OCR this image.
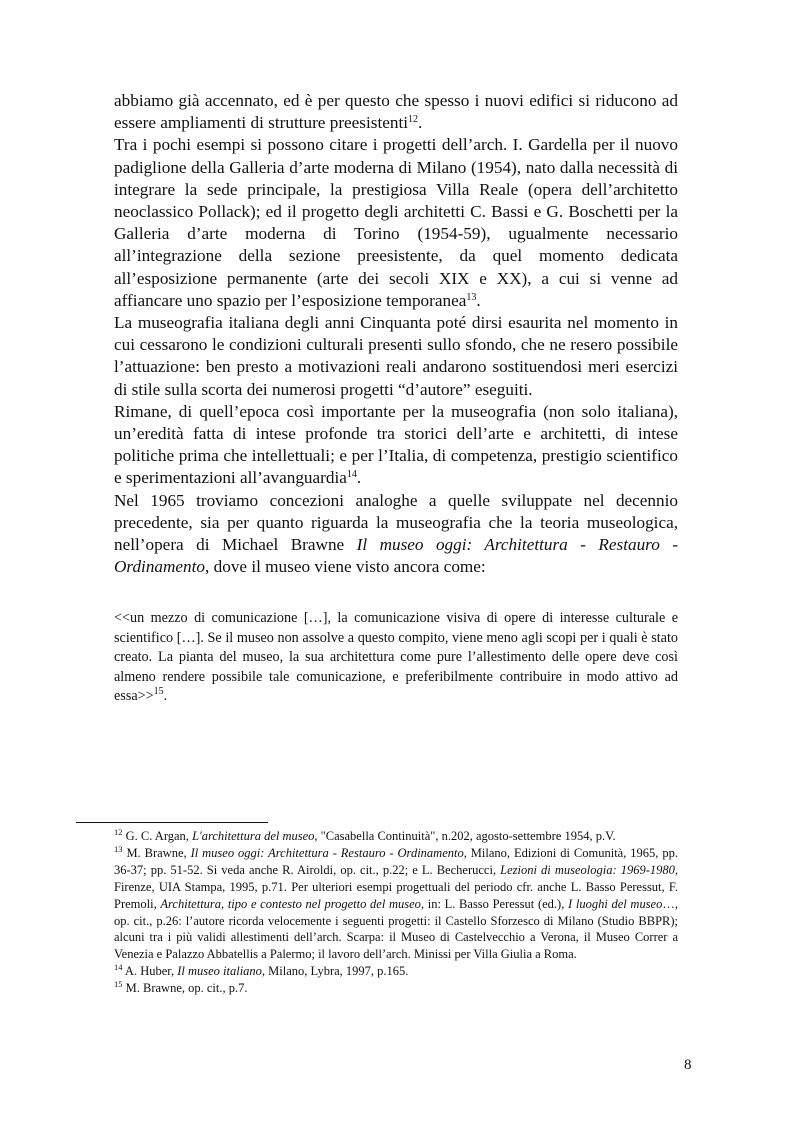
abbiamo già accennato, ed è per questo che spesso i nuovi edifici si riducono ad essere ampliamenti di strutture preesistenti$^{12}$.

Tra i pochi esempi si possono citare i progetti dell’arch. I. Gardella per il nuovo padiglione della Galleria d’arte moderna di Milano (1954), nato dalla necessità di integrare la sede principale, la prestigiosa Villa Reale (opera dell’architetto neoclassico Pollack); ed il progetto degli architetti C. Bassi e G. Boschetti per la Galleria d’arte moderna di Torino (1954-59), ugualmente necessario all’integrazione della sezione preesistente, da quel momento dedicata all’esposizione permanente (arte dei secoli XIX e XX), a cui si venne ad affiancare uno spazio per l’esposizione temporanea$^{13}$.

La museografia italiana degli anni Cinquanta poté dirsi esaurita nel momento in cui cessarono le condizioni culturali presenti sullo sfondo, che ne resero possibile l’attuazione: ben presto a motivazioni reali andarono sostituendosi meri esercizi di stile sulla scorta dei numerosi progetti “d’autore” eseguiti.

Rimane, di quell’epoca così importante per la museografia (non solo italiana), un’eredità fatta di intese profonde tra storici dell’arte e architetti, di intese politiche prima che intellettuali; e per l’Italia, di competenza, prestigio scientifico e sperimentazioni all’avanguardia$^{14}$.

Nel 1965 troviamo concezioni analoghe a quelle sviluppate nel decennio precedente, sia per quanto riguarda la museografia che la teoria museologica, nell’opera di Michael Brawne Il museo oggi: Architettura - Restauro - Ordinamento, dove il museo viene visto ancora come:

<<un mezzo di comunicazione […], la comunicazione visiva di opere di interesse culturale e scientifico […]. Se il museo non assolve a questo compito, viene meno agli scopi per i quali è stato creato. La pianta del museo, la sua architettura come pure l’allestimento delle opere deve così almeno rendere possibile tale comunicazione, e preferibilmente contribuire in modo attivo ad essa>>$^{15}$.

$^{12}$ G. C. Argan, L'architettura del museo, "Casabella Continuità", n.202, agosto-settembre 1954, p.V.

$^{13}$ M. Brawne, Il museo oggi: Architettura - Restauro - Ordinamento, Milano, Edizioni di Comunità, 1965, pp. 36-37; pp. 51-52. Si veda anche R. Airoldi, op. cit., p.22; e L. Becherucci, Lezioni di museologia: 1969-1980, Firenze, UIA Stampa, 1995, p.71. Per ulteriori esempi progettuali del periodo cfr. anche L. Basso Peressut, F. Premoli, Architettura, tipo e contesto nel progetto del museo, in: L. Basso Peressut (ed.), I luoghi del museo…, op. cit., p.26: l’autore ricorda velocemente i seguenti progetti: il Castello Sforzesco di Milano (Studio BBPR); alcuni tra i più validi allestimenti dell’arch. Scarpa: il Museo di Castelvecchio a Verona, il Museo Correr a Venezia e Palazzo Abbatellis a Palermo; il lavoro dell’arch. Minissi per Villa Giulia a Roma.

$^{14}$ A. Huber, Il museo italiano, Milano, Lybra, 1997, p.165.

$^{15}$ M. Brawne, op. cit., p.7.

8
